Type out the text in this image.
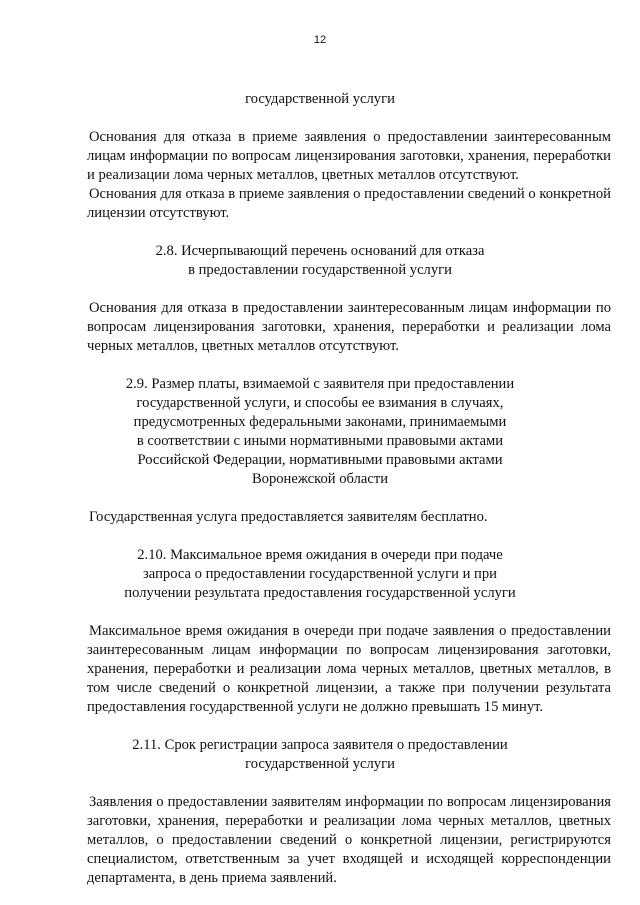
12
государственной услуги

Основания для отказа в приеме заявления о предоставлении заинтересованным лицам информации по вопросам лицензирования заготовки, хранения, переработки и реализации лома черных металлов, цветных металлов отсутствуют.

Основания для отказа в приеме заявления о предоставлении сведений о конкретной лицензии отсутствуют.

2.8. Исчерпывающий перечень оснований для отказа
в предоставлении государственной услуги

Основания для отказа в предоставлении заинтересованным лицам информации по вопросам лицензирования заготовки, хранения, переработки и реализации лома черных металлов, цветных металлов отсутствуют.

2.9. Размер платы, взимаемой с заявителя при предоставлении
государственной услуги, и способы ее взимания в случаях,
предусмотренных федеральными законами, принимаемыми
в соответствии с иными нормативными правовыми актами
Российской Федерации, нормативными правовыми актами
Воронежской области

Государственная услуга предоставляется заявителям бесплатно.

2.10. Максимальное время ожидания в очереди при подаче
запроса о предоставлении государственной услуги и при
получении результата предоставления государственной услуги

Максимальное время ожидания в очереди при подаче заявления о предоставлении заинтересованным лицам информации по вопросам лицензирования заготовки, хранения, переработки и реализации лома черных металлов, цветных металлов, в том числе сведений о конкретной лицензии, а также при получении результата предоставления государственной услуги не должно превышать 15 минут.

2.11. Срок регистрации запроса заявителя о предоставлении
государственной услуги

Заявления о предоставлении заявителям информации по вопросам лицензирования заготовки, хранения, переработки и реализации лома черных металлов, цветных металлов, о предоставлении сведений о конкретной лицензии, регистрируются специалистом, ответственным за учет входящей и исходящей корреспонденции департамента, в день приема заявлений.
